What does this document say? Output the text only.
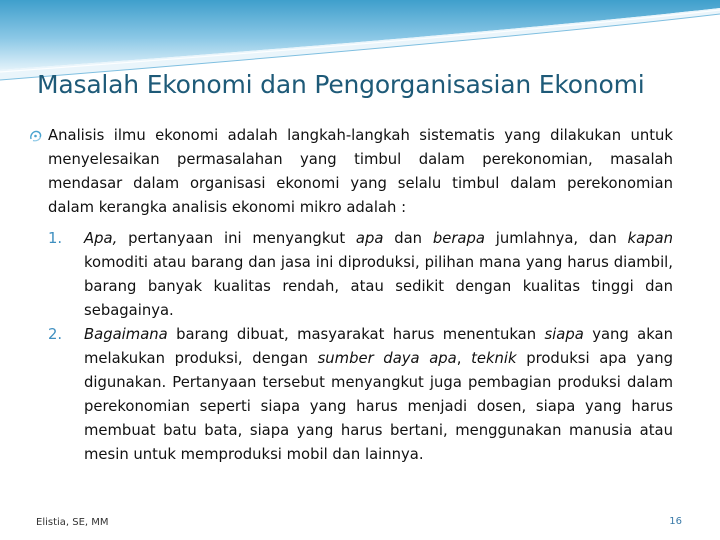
Masalah Ekonomi dan Pengorganisasian Ekonomi
Analisis ilmu ekonomi adalah langkah-langkah sistematis yang dilakukan untuk menyelesaikan permasalahan yang timbul dalam perekonomian, masalah mendasar dalam organisasi ekonomi yang selalu timbul dalam perekonomian dalam kerangka analisis ekonomi mikro adalah :
1. Apa, pertanyaan ini menyangkut apa dan berapa jumlahnya, dan kapan komoditi atau barang dan jasa ini diproduksi, pilihan mana yang harus diambil, barang banyak kualitas rendah, atau sedikit dengan kualitas tinggi dan sebagainya.
2. Bagaimana barang dibuat, masyarakat harus menentukan siapa yang akan melakukan produksi, dengan sumber daya apa, teknik produksi apa yang digunakan. Pertanyaan tersebut menyangkut juga pembagian produksi dalam perekonomian seperti siapa yang harus menjadi dosen, siapa yang harus membuat batu bata, siapa yang harus bertani, menggunakan manusia atau mesin untuk memproduksi mobil dan lainnya.
Elistia, SE, MM	16
